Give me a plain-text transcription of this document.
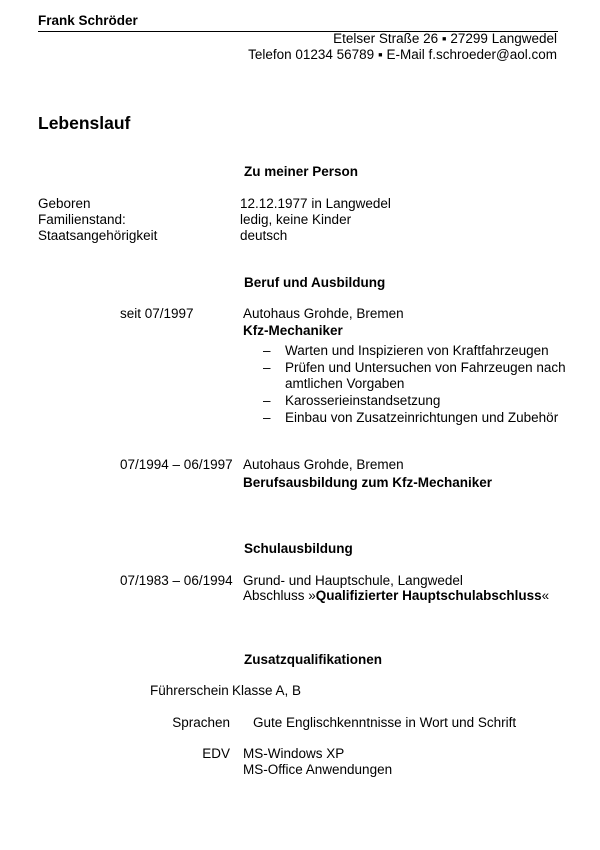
Frank Schröder
Etelser Straße 26 ▪ 27299 Langwedel
Telefon 01234 56789 ▪ E-Mail f.schroeder@aol.com
Lebenslauf
Zu meiner Person
Geboren	12.12.1977 in Langwedel
Familienstand:	ledig, keine Kinder
Staatsangehörigkeit	deutsch
Beruf und Ausbildung
seit 07/1997	Autohaus Grohde, Bremen
Kfz-Mechaniker
– Warten und Inspizieren von Kraftfahrzeugen
– Prüfen und Untersuchen von Fahrzeugen nach amtlichen Vorgaben
– Karosserieinstandsetzung
– Einbau von Zusatzeinrichtungen und Zubehör
07/1994 – 06/1997 Autohaus Grohde, Bremen
Berufsausbildung zum Kfz-Mechaniker
Schulausbildung
07/1983 – 06/1994 Grund- und Hauptschule, Langwedel
Abschluss »Qualifizierter Hauptschulabschluss«
Zusatzqualifikationen
Führerschein Klasse A, B
Sprachen Gute Englischkenntnisse in Wort und Schrift
EDV MS-Windows XP
MS-Office Anwendungen
